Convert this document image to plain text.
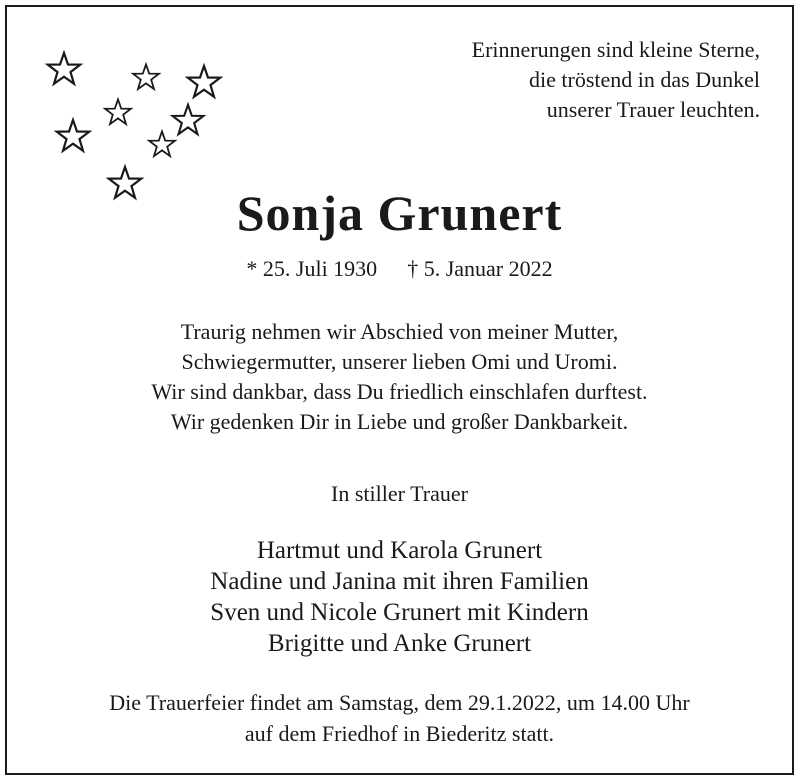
Erinnerungen sind kleine Sterne,
die tröstend in das Dunkel
unserer Trauer leuchten.
Sonja Grunert
* 25. Juli 1930 † 5. Januar 2022
Traurig nehmen wir Abschied von meiner Mutter,
Schwiegermutter, unserer lieben Omi und Uromi.
Wir sind dankbar, dass Du friedlich einschlafen durftest.
Wir gedenken Dir in Liebe und großer Dankbarkeit.
In stiller Trauer
Hartmut und Karola Grunert
Nadine und Janina mit ihren Familien
Sven und Nicole Grunert mit Kindern
Brigitte und Anke Grunert
Die Trauerfeier findet am Samstag, dem 29.1.2022, um 14.00 Uhr
auf dem Friedhof in Biederitz statt.
